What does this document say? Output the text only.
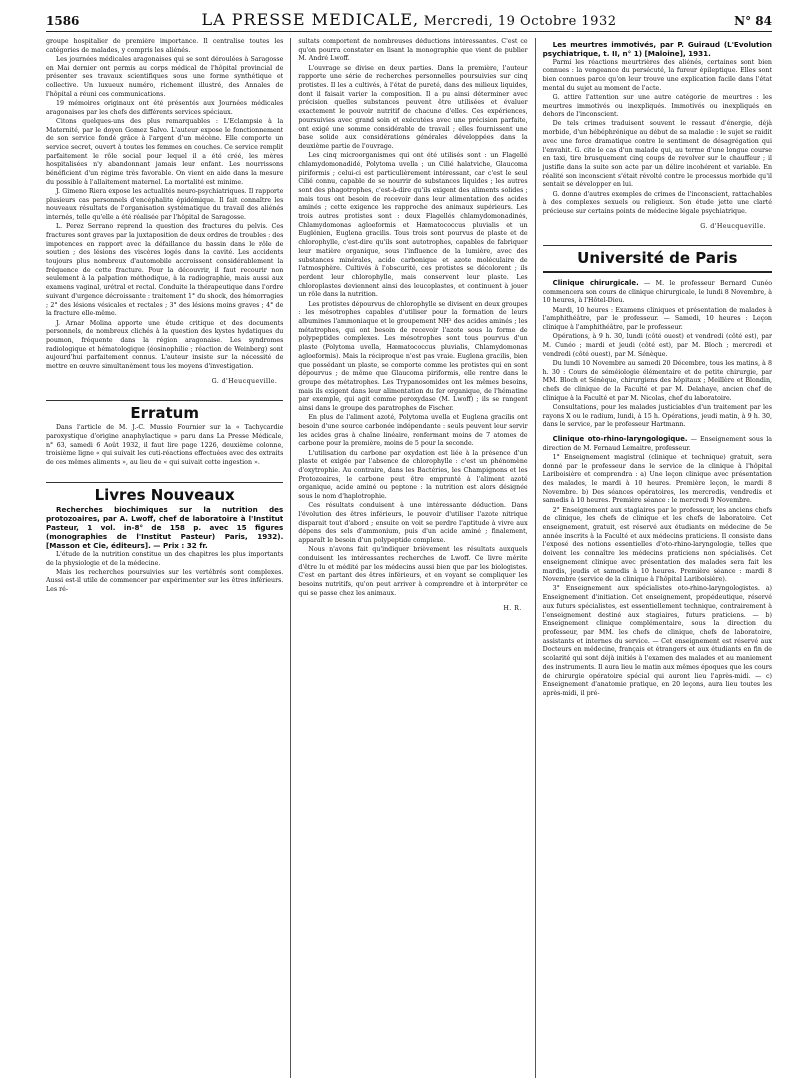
1586	LA PRESSE MEDICALE, Mercredi, 19 Octobre 1932	N° 84

groupe hospitalier de première importance. Il centralise toutes les catégories de malades, y compris les aliénés.

Les journées médicales aragonaises qui se sont déroulées à Saragosse en Mai dernier ont permis au corps médical de l'hôpital provincial de présenter ses travaux scientifiques sous une forme synthétique et collective. Un luxueux numéro, richement illustré, des Annales de l'hôpital a réuni ces communications.

19 mémoires originaux ont été présentés aux Journées médicales aragonaises par les chefs des différents services spéciaux.

Citons quelques-uns des plus remarquables : L'Eclampsie à la Maternité, par le doyen Gomez Salvo. L'auteur expose le fonctionnement de son service fondé grâce à l'argent d'un mécène. Elle comporte un service secret, ouvert à toutes les femmes en couches. Ce service remplit parfaitement le rôle social pour lequel il a été créé, les mères hospitalisées n'y abandonnant jamais leur enfant. Les nourrissons bénéficient d'un régime très favorable. On vient en aide dans la mesure du possible à l'allaitement maternel. La mortalité est minime.

J. Gimeno Riera expose les actualités neuro-psychiatriques. Il rapporte plusieurs cas personnels d'encéphalite épidémique. Il fait connaître les nouveaux résultats de l'organisation systématique du travail des aliénés internés, telle qu'elle a été réalisée par l'hôpital de Saragosse.

L. Perez Serrano reprend la question des fractures du pelvis. Ces fractures sont graves par la juxtaposition de deux ordres de troubles : des impotences en rapport avec la défaillance du bassin dans le rôle de soutien ; des lésions des viscères logés dans la cavité. Les accidents toujours plus nombreux d'automobile accroissent considérablement la fréquence de cette fracture. Pour la découvrir, il faut recourir non seulement à la palpation méthodique, à la radiographie, mais aussi aux examens vaginal, urétral et rectal. Conduite la thérapeutique dans l'ordre suivant d'urgence décroissante : traitement 1° du shock, des hémorragies ; 2° des lésions vésicales et rectales ; 3° des lésions moins graves ; 4° de la fracture elle-même.

J. Arnar Molina apporte une étude critique et des documents personnels, de nombreux clichés à la question des kystes hydatiques du poumon, fréquente dans la région aragonaise. Les syndromes radiologique et hématologique (éosinophilie ; réaction de Weinberg) sont aujourd'hui parfaitement connus. L'auteur insiste sur la nécessité de mettre en œuvre simultanément tous les moyens d'investigation.

G. d'Heucqueville.
Erratum

Dans l'article de M. J.-C. Mussio Fournier sur la « Tachycardie paroxystique d'origine anaphylactique » paru dans La Presse Médicale, n° 63, samedi 6 Août 1932, il faut lire page 1226, deuxième colonne, troisième ligne « qui suivait les cuti-réactions effectuées avec des extraits de ces mêmes aliments », au lieu de « qui suivait cette ingestion ».

Livres Nouveaux

Recherches biochimiques sur la nutrition des protozoaires, par A. Lwoff, chef de laboratoire à l'Institut Pasteur, 1 vol. in-8° de 158 p. avec 15 figures (monographies de l'Institut Pasteur) Paris, 1932). [Masson et Cie, éditeurs]. — Prix : 32 fr.

L'étude de la nutrition constitue un des chapitres les plus importants de la physiologie et de la médecine.

Mais les recherches poursuivies sur les vertébrés sont complexes. Aussi est-il utile de commencer par expérimenter sur les êtres inférieurs. Les ré-

sultats comportent de nombreuses déductions intéressantes. C'est ce qu'on pourra constater en lisant la monographie que vient de publier M. André Lwoff.

L'ouvrage se divise en deux parties. Dans la première, l'auteur rapporte une série de recherches personnelles poursuivies sur cinq protistes. Il les a cultivés, à l'état de pureté, dans des milieux liquides, dont il faisait varier la composition. Il a pu ainsi déterminer avec précision quelles substances peuvent être utilisées et évaluer exactement le pouvoir nutritif de chacune d'elles. Ces expériences, poursuivies avec grand soin et exécutées avec une précision parfaite, ont exigé une somme considérable de travail ; elles fournissent une base solide aux considérations générales développées dans la deuxième partie de l'ouvrage.

Les cinq microorganismes qui ont été utilisés sont : un Flagellé chlamydomonadidé, Polytoma uvella ; un Cilié halatviche, Glaucoma piriformis ; celui-ci est particulièrement intéressant, car c'est le seul Cilié connu, capable de se nourrir de substances liquides ; les autres sont des phagotrophes, c'est-à-dire qu'ils exigent des aliments solides ; mais tous ont besoin de recevoir dans leur alimentation des acides aminés ; cette exigence les rapproche des animaux supérieurs. Les trois autres protistes sont : deux Flagellés chlamydomonadinés, Chlamydomonas agloeformis et Hæmatococcus pluvialis et un Euglénien, Euglena gracilis. Tous trois sont pourvus de plaste et de chlorophylle, c'est-dire qu'ils sont autotrophes, capables de fabriquer leur matière organique, sous l'influence de la lumière, avec des substances minérales, acide carbonique et azote moléculaire de l'atmosphère. Cultivés à l'obscurité, ces protistes se décolorent ; ils perdent leur chlorophylle, mais conservent leur plaste. Les chloroplastes deviennent ainsi des leucoplastes, et continuent à jouer un rôle dans la nutrition.

Les protistes dépourvus de chlorophylle se divisent en deux groupes : les mésotrophes capables d'utiliser pour la formation de leurs albumines l'ammoniaque et le groupement NH² des acides aminés ; les métatrophes, qui ont besoin de recevoir l'azote sous la forme de polypeptides complexes. Les mésotrophes sont tous pourvus d'un plaste (Polytoma uvella, Hæmatococcus pluvialis, Chlamydomonas agloeformis). Mais la réciproque n'est pas vraie. Euglena gracilis, bien que possédant un plaste, se comporte comme les protistes qui en sont dépourvus ; de même que Glaucoma piriformis, elle rentre dans le groupe des métatrophes. Les Trypanosomides ont les mêmes besoins, mais ils exigent dans leur alimentation du fer organique, de l'hématine par exemple, qui agit comme peroxydase (M. Lwoff) ; ils se rangent ainsi dans le groupe des paratrophes de Fischer.

En plus de l'aliment azoté, Polytoma uvella et Euglena gracilis ont besoin d'une source carbonée indépendante : seuls peuvent leur servir les acides gras à chaîne linéaire, renfermant moins de 7 atomes de carbone pour la première, moins de 5 pour la seconde.

L'utilisation du carbone par oxydation est liée à la présence d'un plaste et exigée par l'absence de chlorophylle : c'est un phénomène d'oxytrophie. Au contraire, dans les Bactéries, les Champignons et les Protozoaires, le carbone peut être emprunté à l'aliment azoté organique, acide aminé ou peptone : la nutrition est alors désignée sous le nom d'haplotrophie.

Ces résultats conduisent à une intéressante déduction. Dans l'évolution des êtres inférieurs, le pouvoir d'utiliser l'azote nitrique disparait tout d'abord ; ensuite on voit se perdre l'aptitude à vivre aux dépens des sels d'ammonium, puis d'un acide aminé ; finalement, apparaît le besoin d'un polypeptide complexe.

Nous n'avons fait qu'indiquer brièvement les résultats auxquels conduisent les intéressantes recherches de Lwoff. Ce livre mérite d'être lu et médité par les médecins aussi bien que par les biologistes. C'est en partant des êtres inférieurs, et en voyant se compliquer les besoins nutritifs, qu'on peut arriver à comprendre et à interpréter ce qui se passe chez les animaux.

H. R.

Les meurtres immotivés, par P. Guiraud (L'Evolution psychiatrique, t. II, n° 1) [Maloine], 1931.

Parmi les réactions meurtrières des aliénés, certaines sont bien connues : la vengeance du persécuté, la fureur épileptique. Elles sont bien connues parce qu'on leur trouve une explication facile dans l'état mental du sujet au moment de l'acte.

G. attire l'attention sur une autre catégorie de meurtres : les meurtres immotivés ou inexpliqués. Immotivés ou inexpliqués en dehors de l'inconscient.

De tels crimes traduisent souvent le ressaut d'énergie, déjà morbide, d'un hébéphrénique au début de sa maladie : le sujet se raidit avec une force dramatique contre le sentiment de désagrégation qui l'envahit. G. cite le cas d'un malade qui, au terme d'une longue course en taxi, tire brusquement cinq coups de revolver sur le chauffeur ; il justifie dans la suite son acte par un délire incohérent et variable. En réalité son inconscient s'était révolté contre le processus morbide qu'il sentait se développer en lui.

G. donne d'autres exemples de crimes de l'inconscient, rattachables à des complexes sexuels ou religieux. Son étude jette une clarté précieuse sur certains points de médecine légale psychiatrique.

G. d'Heucqueville.
Université de Paris

Clinique chirurgicale. — M. le professeur Bernard Cunéo commencera son cours de clinique chirurgicale, le lundi 8 Novembre, à 10 heures, à l'Hôtel-Dieu.

Mardi, 10 heures : Examens cliniques et présentation de malades à l'amphithéâtre, par le professeur. — Samedi, 10 heures : Leçon clinique à l'amphithéâtre, par le professeur.

Opérations, à 9 h. 30, lundi (côté ouest) et vendredi (côté est), par M. Cunéo ; mardi et jeudi (côté est), par M. Bloch ; mercredi et vendredi (côté ouest), par M. Sénèque.

Du lundi 10 Novembre au samedi 20 Décembre, tous les matins, à 8 h. 30 : Cours de séméiologie élémentaire et de petite chirurgie, par MM. Bloch et Sénèque, chirurgiens des hôpitaux ; Meillère et Blondin, chefs de clinique de la Faculté et par M. Delahaye, ancien chef de clinique à la Faculté et par M. Nicolas, chef du laboratoire.

Consultations, pour les malades justiciables d'un traitement par les rayons X ou le radium, lundi, à 15 h. Opérations, jeudi matin, à 9 h. 30, dans le service, par le professeur Hartmann.

Clinique oto-rhino-laryngologique. — Enseignement sous la direction de M. Fernaud Lemaitre, professeur.

1° Enseignement magistral (clinique et technique) gratuit, sera donné par le professeur dans le service de la clinique à l'hôpital Lariboisière et comprendra : a) Une leçon clinique avec présentation des malades, le mardi à 10 heures. Première leçon, le mardi 8 Novembre. b) Des séances opératoires, les mercredis, vendredis et samedis à 10 heures. Première séance : le mercredi 9 Novembre.

2° Enseignement aux stagiaires par le professeur, les anciens chefs de clinique, les chefs de clinique et les chefs de laboratoire. Cet enseignement, gratuit, est réservé aux étudiants en médecine de 5e année inscrits à la Faculté et aux médecins praticiens. Il consiste dans l'exposé des notions essentielles d'oto-rhino-laryngologie, telles que doivent les connaître les médecins praticiens non spécialisés. Cet enseignement clinique avec présentation des malades sera fait les mardis, jeudis et samedis à 10 heures. Première séance : mardi 8 Novembre (service de la clinique à l'hôpital Lariboisière).

3° Enseignement aux spécialistes oto-rhino-laryngologistes. a) Enseignement d'initiation. Cet enseignement, propédeutique, réservé aux futurs spécialistes, est essentiellement technique, contrairement à l'enseignement destiné aux stagiaires, futurs praticiens. — b) Enseignement clinique complémentaire, sous la direction du professeur, par MM. les chefs de clinique, chefs de laboratoire, assistants et internes du service. — Cet enseignement est réservé aux Docteurs en médecine, français et étrangers et aux étudiants en fin de scolarité qui sont déjà initiés à l'examen des malades et au maniement des instruments. Il aura lieu le matin aux mêmes époques que les cours de chirurgie opératoire spécial qui auront lieu l'après-midi. — c) Enseignement d'anatomie pratique, en 20 leçons, aura lieu toutes les après-midi, il pré-
